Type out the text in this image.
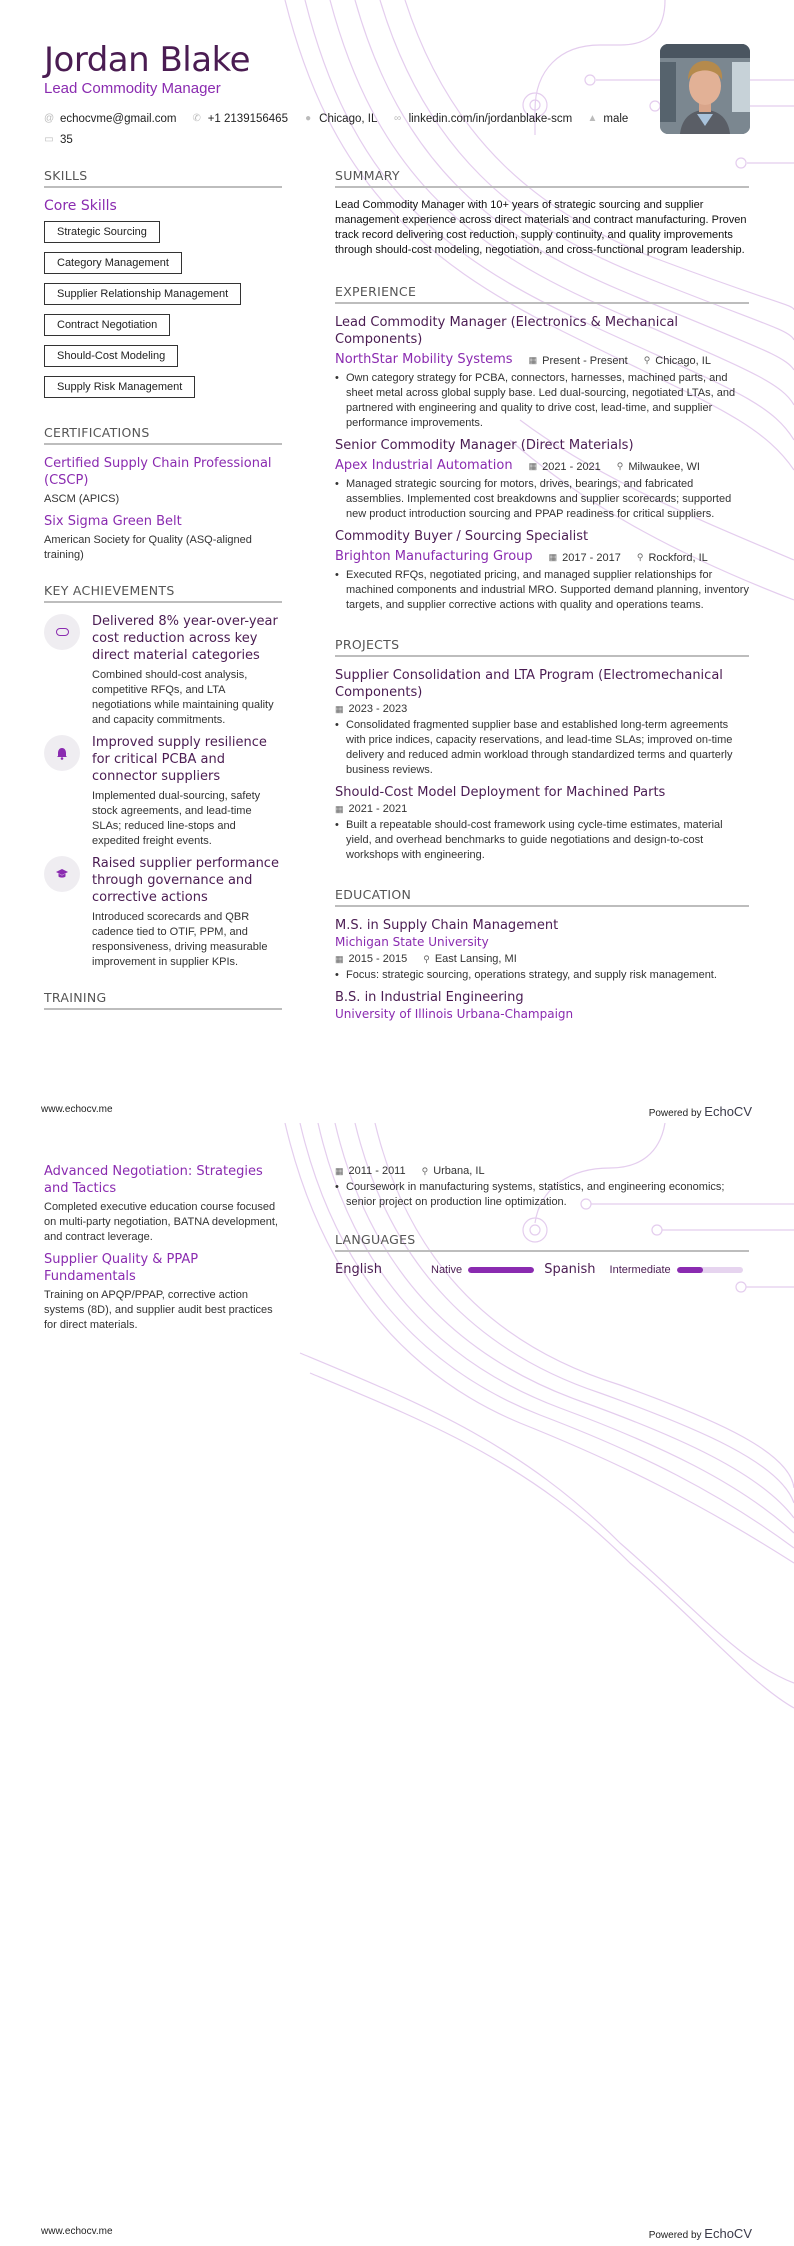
Jordan Blake
Lead Commodity Manager
@ echocvme@gmail.com
✆ +1 2139156465
● Chicago, IL
∞ linkedin.com/in/jordanblake-scm
▲ male

▭ 35
SKILLS
Core Skills
Strategic Sourcing
Category Management
Supplier Relationship Management
Contract Negotiation
Should-Cost Modeling
Supply Risk Management
CERTIFICATIONS
Certified Supply Chain Professional (CSCP)
ASCM (APICS)
Six Sigma Green Belt
American Society for Quality (ASQ-aligned training)
KEY ACHIEVEMENTS
Delivered 8% year-over-year cost reduction across key direct material categories
Combined should-cost analysis, competitive RFQs, and LTA negotiations while maintaining quality and capacity commitments.
Improved supply resilience for critical PCBA and connector suppliers
Implemented dual-sourcing, safety stock agreements, and lead-time SLAs; reduced line-stops and expedited freight events.
Raised supplier performance through governance and corrective actions
Introduced scorecards and QBR cadence tied to OTIF, PPM, and responsiveness, driving measurable improvement in supplier KPIs.
TRAINING
SUMMARY
Lead Commodity Manager with 10+ years of strategic sourcing and supplier management experience across direct materials and contract manufacturing. Proven track record delivering cost reduction, supply continuity, and quality improvements through should-cost modeling, negotiation, and cross-functional program leadership.
EXPERIENCE
Lead Commodity Manager (Electronics & Mechanical Components)
NorthStar Mobility Systems ▦ Present - Present ⚲ Chicago, IL
• Own category strategy for PCBA, connectors, harnesses, machined parts, and sheet metal across global supply base. Led dual-sourcing, negotiated LTAs, and partnered with engineering and quality to drive cost, lead-time, and supplier performance improvements.
Senior Commodity Manager (Direct Materials)
Apex Industrial Automation ▦ 2021 - 2021 ⚲ Milwaukee, WI
• Managed strategic sourcing for motors, drives, bearings, and fabricated assemblies. Implemented cost breakdowns and supplier scorecards; supported new product introduction sourcing and PPAP readiness for critical suppliers.
Commodity Buyer / Sourcing Specialist
Brighton Manufacturing Group ▦ 2017 - 2017 ⚲ Rockford, IL
• Executed RFQs, negotiated pricing, and managed supplier relationships for machined components and industrial MRO. Supported demand planning, inventory targets, and supplier corrective actions with quality and operations teams.
PROJECTS
Supplier Consolidation and LTA Program (Electromechanical Components)
▦ 2023 - 2023
• Consolidated fragmented supplier base and established long-term agreements with price indices, capacity reservations, and lead-time SLAs; improved on-time delivery and reduced admin workload through standardized terms and quarterly business reviews.
Should-Cost Model Deployment for Machined Parts
▦ 2021 - 2021
• Built a repeatable should-cost framework using cycle-time estimates, material yield, and overhead benchmarks to guide negotiations and design-to-cost workshops with engineering.
EDUCATION
M.S. in Supply Chain Management
Michigan State University
▦ 2015 - 2015 ⚲ East Lansing, MI
• Focus: strategic sourcing, operations strategy, and supply risk management.
B.S. in Industrial Engineering
University of Illinois Urbana-Champaign
www.echocv.me	Powered by EchoCV
Advanced Negotiation: Strategies and Tactics
Completed executive education course focused on multi-party negotiation, BATNA development, and contract leverage.
Supplier Quality & PPAP Fundamentals
Training on APQP/PPAP, corrective action systems (8D), and supplier audit best practices for direct materials.
▦ 2011 - 2011 ⚲ Urbana, IL
• Coursework in manufacturing systems, statistics, and engineering economics; senior project on production line optimization.
LANGUAGES
English	Native	Spanish Intermediate
www.echocv.me	Powered by EchoCV
